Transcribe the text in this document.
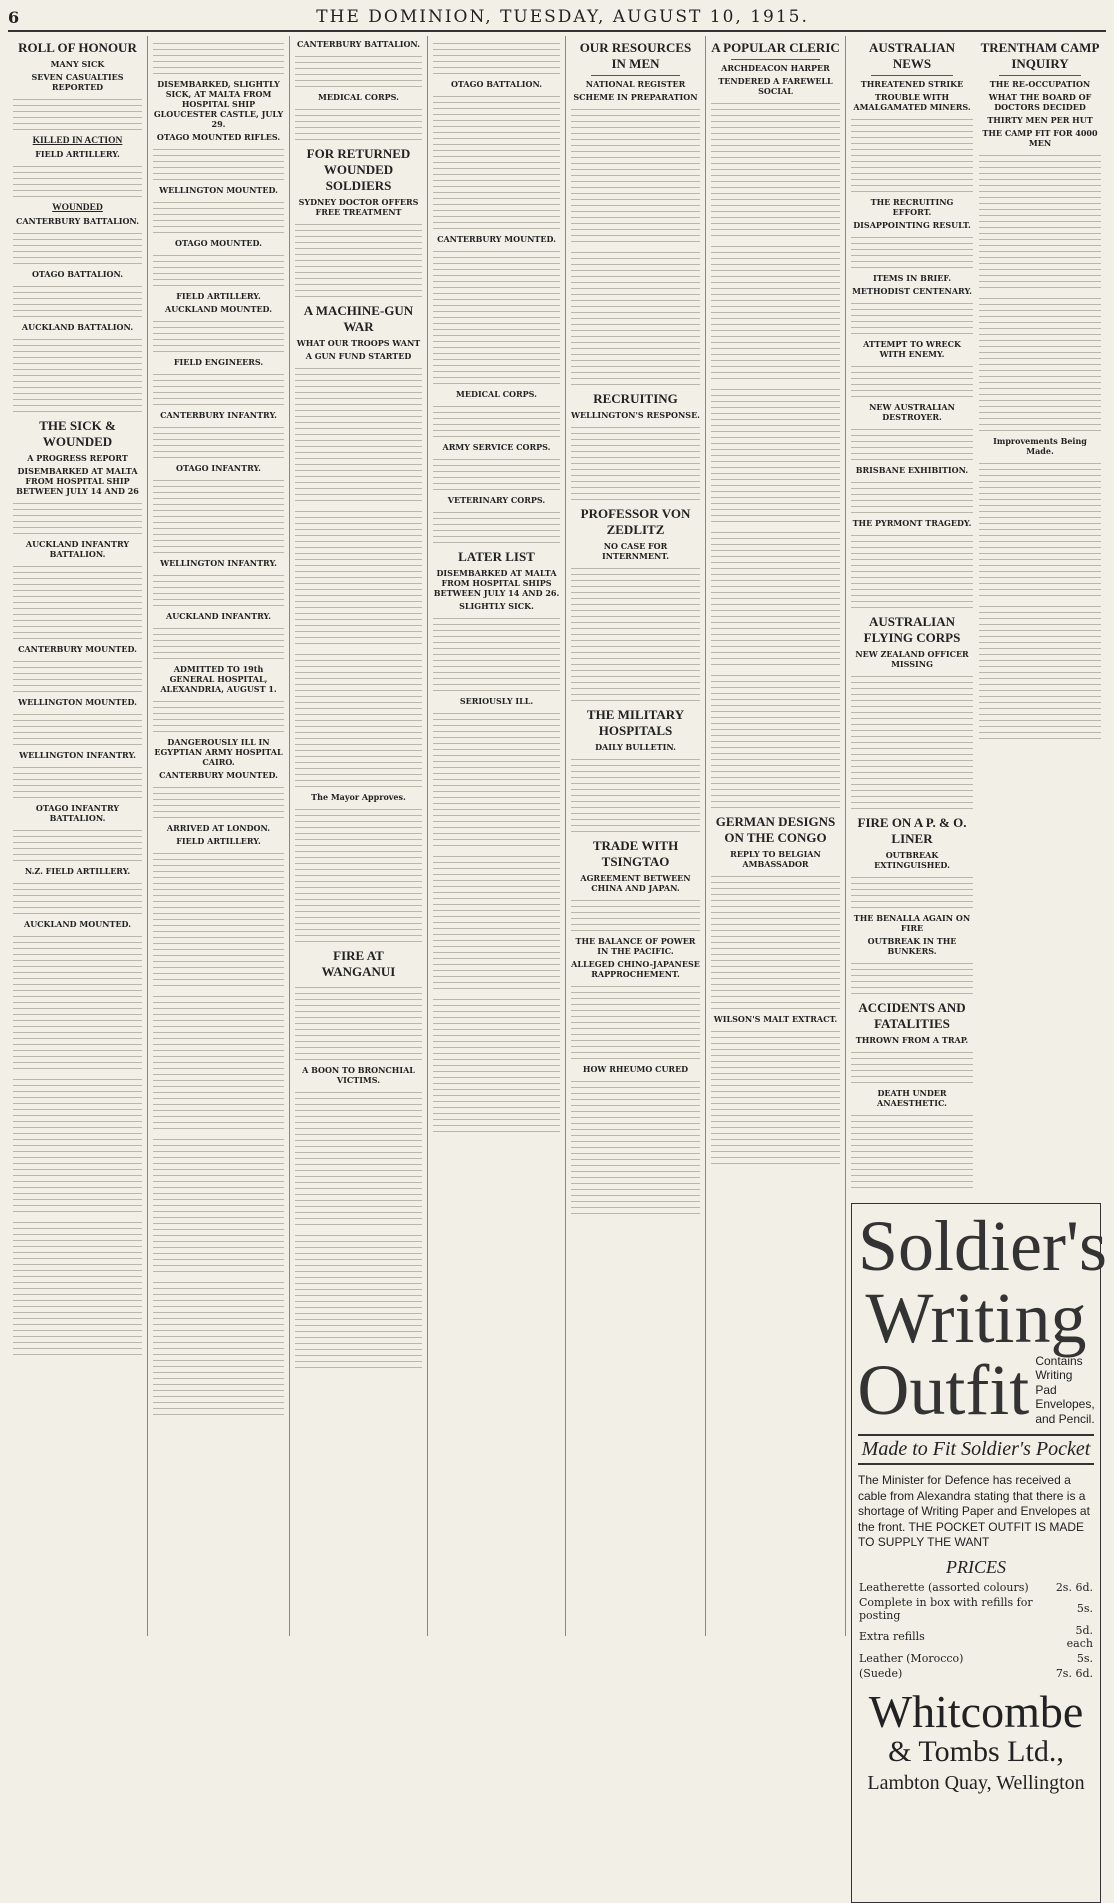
6	THE DOMINION, TUESDAY, AUGUST 10, 1915.
ROLL OF HONOUR
MANY SICK
SEVEN CASUALTIES REPORTED
KILLED IN ACTION
FIELD ARTILLERY.
WOUNDED
CANTERBURY BATTALION.
OTAGO BATTALION.
AUCKLAND BATTALION.
THE SICK & WOUNDED
A PROGRESS REPORT
DISEMBARKED AT MALTA FROM HOSPITAL SHIP BETWEEN JULY 14 AND 26
AUCKLAND INFANTRY BATTALION.
CANTERBURY MOUNTED.
WELLINGTON MOUNTED.
WELLINGTON INFANTRY.
OTAGO INFANTRY BATTALION.
N.Z. FIELD ARTILLERY.
AUCKLAND MOUNTED.
DISEMBARKED, SLIGHTLY SICK, AT MALTA FROM HOSPITAL SHIP GLOUCESTER CASTLE, JULY 29.
OTAGO MOUNTED RIFLES.
WELLINGTON MOUNTED.
OTAGO MOUNTED.
FIELD ARTILLERY.
AUCKLAND MOUNTED.
FIELD ENGINEERS.
CANTERBURY INFANTRY.
OTAGO INFANTRY.
WELLINGTON INFANTRY.
AUCKLAND INFANTRY.
ADMITTED TO 19th GENERAL HOSPITAL, ALEXANDRIA, AUGUST 1.
DANGEROUSLY ILL IN EGYPTIAN ARMY HOSPITAL CAIRO.
CANTERBURY MOUNTED.
ARRIVED AT LONDON.
FIELD ARTILLERY.
CANTERBURY BATTALION.
MEDICAL CORPS.
FOR RETURNED WOUNDED SOLDIERS
SYDNEY DOCTOR OFFERS FREE TREATMENT
A MACHINE-GUN WAR
WHAT OUR TROOPS WANT
A GUN FUND STARTED
The Mayor Approves.
FIRE AT WANGANUI
A BOON TO BRONCHIAL VICTIMS.
OTAGO BATTALION.
CANTERBURY MOUNTED.
MEDICAL CORPS.
ARMY SERVICE CORPS.
VETERINARY CORPS.
LATER LIST
DISEMBARKED AT MALTA FROM HOSPITAL SHIPS BETWEEN JULY 14 AND 26.
SLIGHTLY SICK.
SERIOUSLY ILL.
OUR RESOURCES IN MEN
NATIONAL REGISTER
SCHEME IN PREPARATION
RECRUITING
WELLINGTON'S RESPONSE.
PROFESSOR VON ZEDLITZ
NO CASE FOR INTERNMENT.
THE MILITARY HOSPITALS
DAILY BULLETIN.
TRADE WITH TSINGTAO
AGREEMENT BETWEEN CHINA AND JAPAN.
THE BALANCE OF POWER IN THE PACIFIC.
ALLEGED CHINO-JAPANESE RAPPROCHEMENT.
HOW RHEUMO CURED
A POPULAR CLERIC
ARCHDEACON HARPER
TENDERED A FAREWELL SOCIAL
GERMAN DESIGNS ON THE CONGO
REPLY TO BELGIAN AMBASSADOR
WILSON'S MALT EXTRACT.
AUSTRALIAN NEWS
THREATENED STRIKE
TROUBLE WITH AMALGAMATED MINERS.
THE RECRUITING EFFORT.
DISAPPOINTING RESULT.
ITEMS IN BRIEF.
METHODIST CENTENARY.
ATTEMPT TO WRECK WITH ENEMY.
NEW AUSTRALIAN DESTROYER.
BRISBANE EXHIBITION.
THE PYRMONT TRAGEDY.
AUSTRALIAN FLYING CORPS
NEW ZEALAND OFFICER MISSING
FIRE ON A P. & O. LINER
OUTBREAK EXTINGUISHED.
THE BENALLA AGAIN ON FIRE
OUTBREAK IN THE BUNKERS.
ACCIDENTS AND FATALITIES
THROWN FROM A TRAP.
DEATH UNDER ANAESTHETIC.
TRENTHAM CAMP INQUIRY
THE RE-OCCUPATION
WHAT THE BOARD OF DOCTORS DECIDED
THIRTY MEN PER HUT
THE CAMP FIT FOR 4000 MEN
Improvements Being Made.
Soldier's
Writing
Outfit Contains Writing Pad Envelopes, and Pencil.
Made to Fit Soldier's Pocket
The Minister for Defence has received a cable from Alexandra stating that there is a shortage of Writing Paper and Envelopes at the front. THE POCKET OUTFIT IS MADE TO SUPPLY THE WANT
PRICES
Leatherette (assorted colours)	2s. 6d.
Complete in box with refills for posting	5s.
Extra refills	5d. each
Leather (Morocco)	5s.
(Suede)	7s. 6d.
Whitcombe
& Tombs Ltd.,
Lambton Quay, Wellington
